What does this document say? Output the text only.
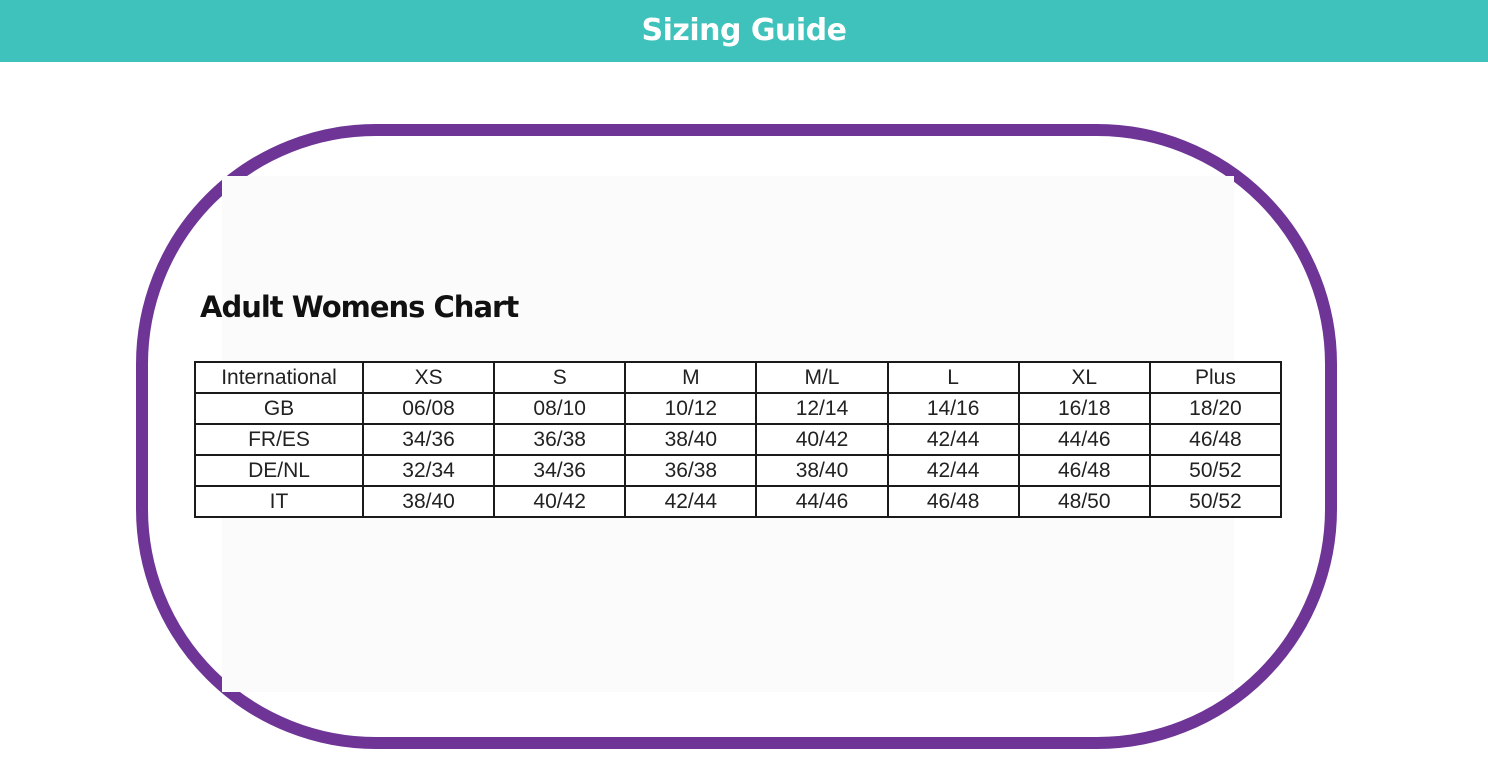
Sizing Guide
Adult Womens Chart
International	XS	S	M	M/L	L	XL	Plus
GB	06/08	08/10	10/12	12/14	14/16	16/18	18/20
FR/ES	34/36	36/38	38/40	40/42	42/44	44/46	46/48
DE/NL	32/34	34/36	36/38	38/40	42/44	46/48	50/52
IT	38/40	40/42	42/44	44/46	46/48	48/50	50/52
